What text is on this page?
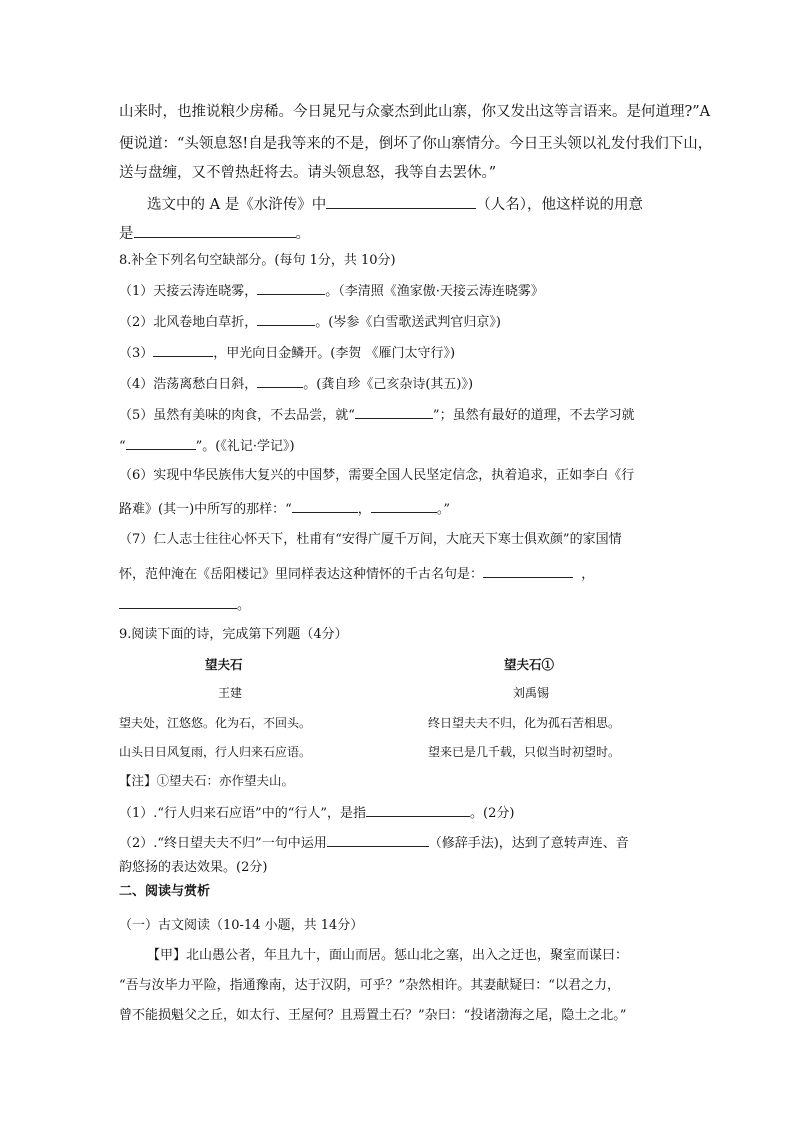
山来时，也推说粮少房稀。今日晁兄与众豪杰到此山寨，你又发出这等言语来。是何道理?”A
便说道：“头领息怒!自是我等来的不是，倒坏了你山寨情分。今日王头领以礼发付我们下山，
送与盘缠，又不曾热赶将去。请头领息怒，我等自去罢休。”
选文中的 A 是《水浒传》中	（人名），他这样说的用意
是	。
8.补全下列名句空缺部分。(每句 1分，共 10分)
（1）天接云涛连晓雾，	。（李清照《渔家傲·天接云涛连晓雾》
（2）北风卷地白草折，	。(岑参《白雪歌送武判官归京》)
（3）	，甲光向日金鳞开。(李贺 《雁门太守行》)
（4）浩荡离愁白日斜，	。(龚自珍《己亥杂诗(其五)》)
（5）虽然有美味的肉食，不去品尝，就“	”；虽然有最好的道理，不去学习就
“	”。(《礼记·学记》)
（6）实现中华民族伟大复兴的中国梦，需要全国人民坚定信念，执着追求，正如李白《行
路难》(其一)中所写的那样：“	，	。”
（7）仁人志士往往心怀天下，杜甫有“安得广厦千万间，大庇天下寒士俱欢颜”的家国情
怀，范仲淹在《岳阳楼记》里同样表达这种情怀的千古名句是：	，
。
9.阅读下面的诗，完成第下列题（4分）
望夫石
王建
望夫处，江悠悠。化为石，不回头。
山头日日风复雨，行人归来石应语。
望夫石①
刘禹锡
终日望夫夫不归，化为孤石苦相思。
望来已是几千载，只似当时初望时。
【注】①望夫石：亦作望夫山。
（1）.“行人归来石应语”中的“行人”，是指	。(2分)
（2）.“终日望夫夫不归”一句中运用	（修辞手法)，达到了意转声连、音
韵悠扬的表达效果。(2分)
二、阅读与赏析
（一）古文阅读（10-14 小题，共 14分）
【甲】北山愚公者，年且九十，面山而居。惩山北之塞，出入之迂也，聚室而谋曰：
“吾与汝毕力平险，指通豫南，达于汉阴，可乎？”杂然相许。其妻献疑曰：“以君之力，
曾不能损魁父之丘，如太行、王屋何？且焉置土石？”杂曰：“投诸渤海之尾，隐土之北。”
